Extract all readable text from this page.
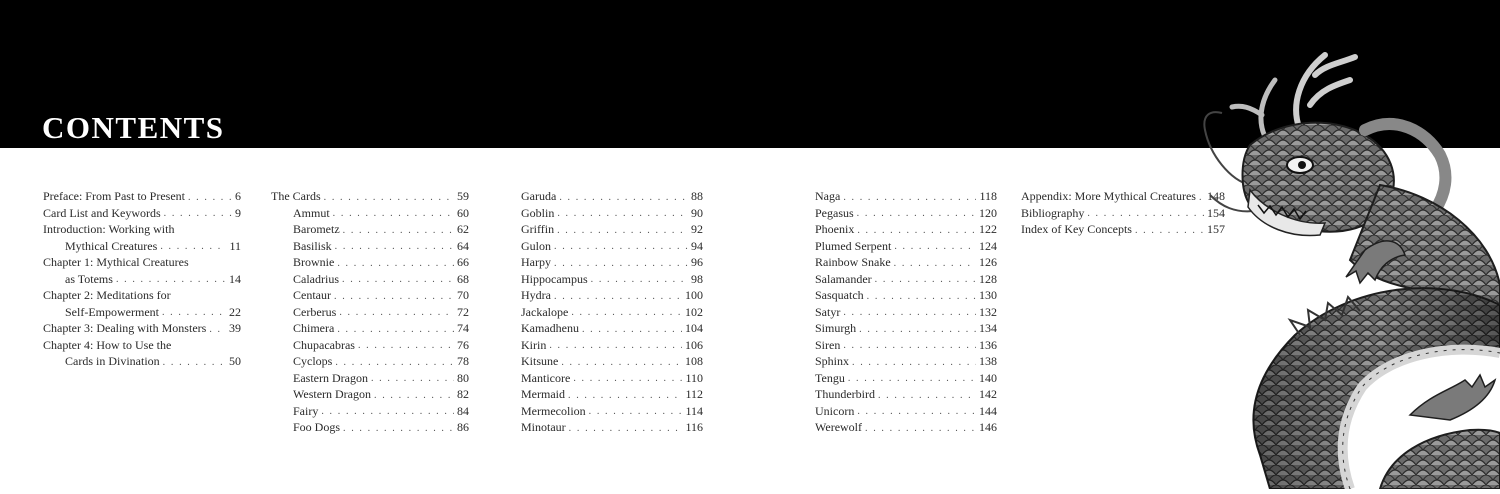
CONTENTS
Preface: From Past to Present . . .	6
Card List and Keywords . . .	9
Introduction: Working with
Mythical Creatures . . .	11
Chapter 1: Mythical Creatures
as Totems . . .	14
Chapter 2: Meditations for
Self-Empowerment . . .	22
Chapter 3: Dealing with Monsters . . . 39
Chapter 4: How to Use the
Cards in Divination . . .	50
The Cards . . .	59
Ammut . . .	60
Barometz . . .	62
Basilisk . . .	64
Brownie . . .	66
Caladrius . . .	68
Centaur . . .	70
Cerberus . . .	72
Chimera . . .	74
Chupacabras . . .	76
Cyclops . . .	78
Eastern Dragon . . .	80
Western Dragon . . .	82
Fairy . . .	84
Foo Dogs . . .	86
Garuda . . .	88
Goblin . . .	90
Griffin . . .	92
Gulon . . .	94
Harpy . . .	96
Hippocampus . . .	98
Hydra . . .	100
Jackalope . . .	102
Kamadhenu . . .	104
Kirin . . .	106
Kitsune . . .	108
Manticore . . .	110
Mermaid . . .	112
Mermecolion . . .	114
Minotaur . . .	116
Naga . . .	118
Pegasus . . .	120
Phoenix . . .	122
Plumed Serpent . . .	124
Rainbow Snake . . .	126
Salamander . . .	128
Sasquatch . . .	130
Satyr . . .	132
Simurgh . . .	134
Siren . . .	136
Sphinx . . .	138
Tengu . . .	140
Thunderbird . . .	142
Unicorn . . .	144
Werewolf . . .	146
Appendix: More Mythical Creatures . . . 148
Bibliography . . .	154
Index of Key Concepts . . .	157
